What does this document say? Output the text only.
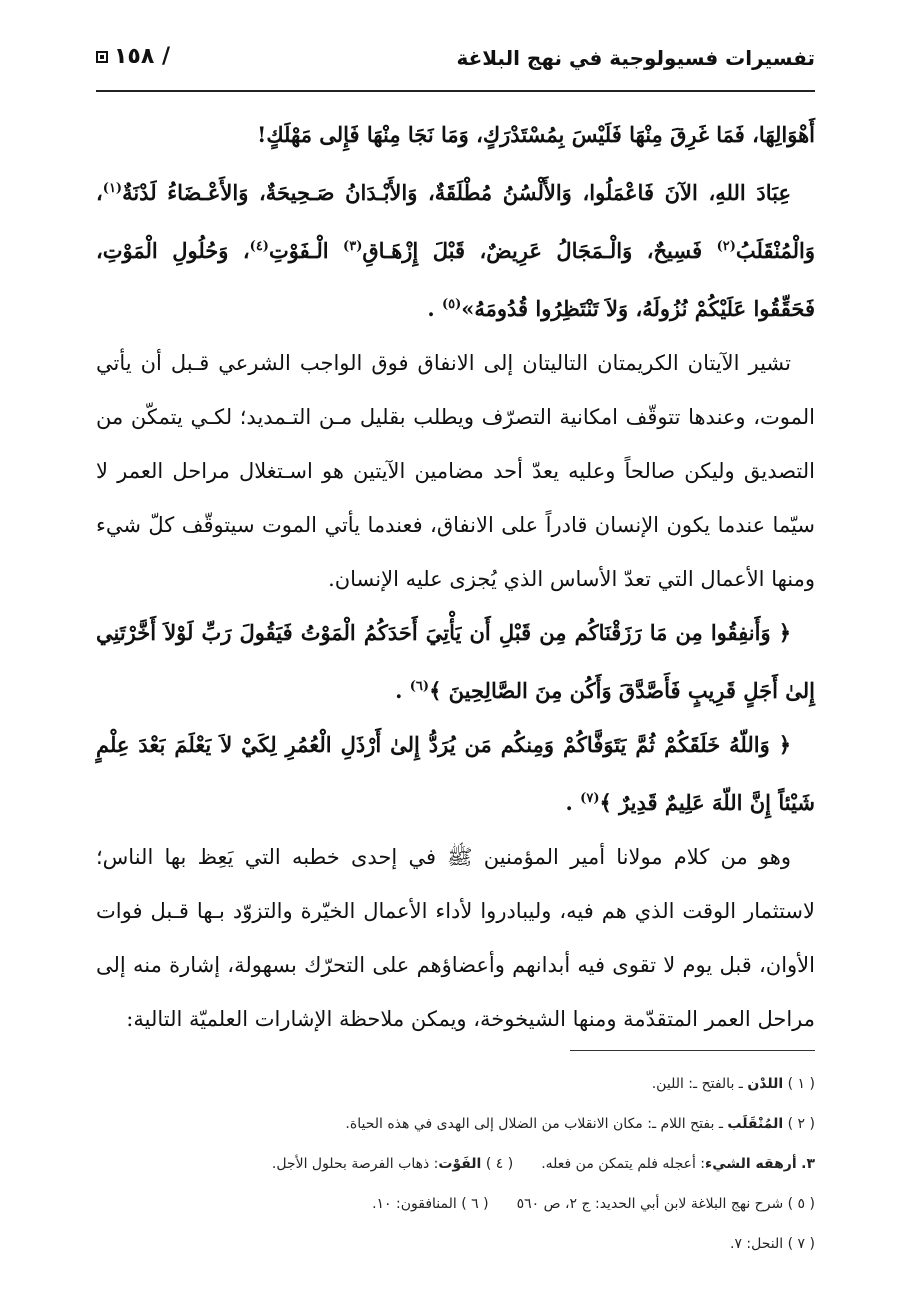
١٥٨ /	تفسيرات فسيولوجية في نهج البلاغة

أَهْوَالِهَا، فَمَا غَرِقَ مِنْهَا فَلَيْسَ بِمُسْتَدْرَكٍ، وَمَا نَجَا مِنْهَا فَإِلى مَهْلَكٍ!

عِبَادَ اللهِ، الآنَ فَاعْمَلُوا، وَالأَلْسُنُ مُطْلَقَةٌ، وَالأَبْـدَانُ صَـحِيحَةٌ، وَالأَعْـضَاءُ لَدْنَةٌ$^{(١)}$، وَالْمُنْقَلَبُ$^{(٢)}$ فَسِيحٌ، وَالْـمَجَالُ عَرِيضٌ، قَبْلَ إِزْهَـاقِ$^{(٣)}$ الْـفَوْتِ$^{(٤)}$، وَحُلُولِ الْمَوْتِ، فَحَقِّقُوا عَلَيْكُمْ نُزُولَهُ، وَلاَ تَنْتَظِرُوا قُدُومَهُ»$^{(٥)}$ .

تشير الآيتان الكريمتان التاليتان إلى الانفاق فوق الواجب الشرعي قـبل أن يأتي الموت، وعندها تتوقّف امكانية التصرّف ويطلب بقليل مـن التـمديد؛ لكـي يتمكّن من التصديق وليكن صالحاً وعليه يعدّ أحد مضامين الآيتين هو اسـتغلال مراحل العمر لا سيّما عندما يكون الإنسان قادراً على الانفاق، فعندما يأتي الموت سيتوقّف كلّ شيء ومنها الأعمال التي تعدّ الأساس الذي يُجزى عليه الإنسان.

﴿ وَأَنفِقُوا مِن مَا رَزَقْنَاكُم مِن قَبْلِ أَن يَأْتِيَ أَحَدَكُمُ الْمَوْتُ فَيَقُولَ رَبِّ لَوْلاَ أَخَّرْتَنِي إِلىٰ أَجَلٍ قَرِيبٍ فَأَصَّدَّقَ وَأَكُن مِنَ الصَّالِحِينَ ﴾$^{(٦)}$ .

﴿ وَاللّهُ خَلَقَكُمْ ثُمَّ يَتَوَفَّاكُمْ وَمِنكُم مَن يُرَدُّ إِلىٰ أَرْذَلِ الْعُمُرِ لِكَيْ لاَ يَعْلَمَ بَعْدَ عِلْمٍ شَيْئاً إِنَّ اللّهَ عَلِيمٌ قَدِيرٌ ﴾$^{(٧)}$ .

وهو من كلام مولانا أمير المؤمنين ﷺ في إحدى خطبه التي يَعِظ بها الناس؛ لاستثمار الوقت الذي هم فيه، وليبادروا لأداء الأعمال الخيّرة والتزوّد بـها قـبل فوات الأوان، قبل يوم لا تقوى فيه أبدانهم وأعضاؤهم على التحرّك بسهولة، إشارة منه إلى مراحل العمر المتقدّمة ومنها الشيخوخة، ويمكن ملاحظة الإشارات العلميّة التالية:

( ١ ) اللدْن ـ بالفتح ـ: اللين.
( ٢ ) المُنْقَلَب ـ بفتح اللام ـ: مكان الانقلاب من الضلال إلى الهدى في هذه الحياة.
٣. أرهقه الشيء: أعجله فلم يتمكن من فعله.
( ٤ ) الفَوْت: ذهاب الفرصة بحلول الأجل.
( ٥ ) شرح نهج البلاغة لابن أبي الحديد: ج ٢، ص ٥٦٠
( ٦ ) المنافقون: ١٠.
( ٧ ) النحل: ٧.
